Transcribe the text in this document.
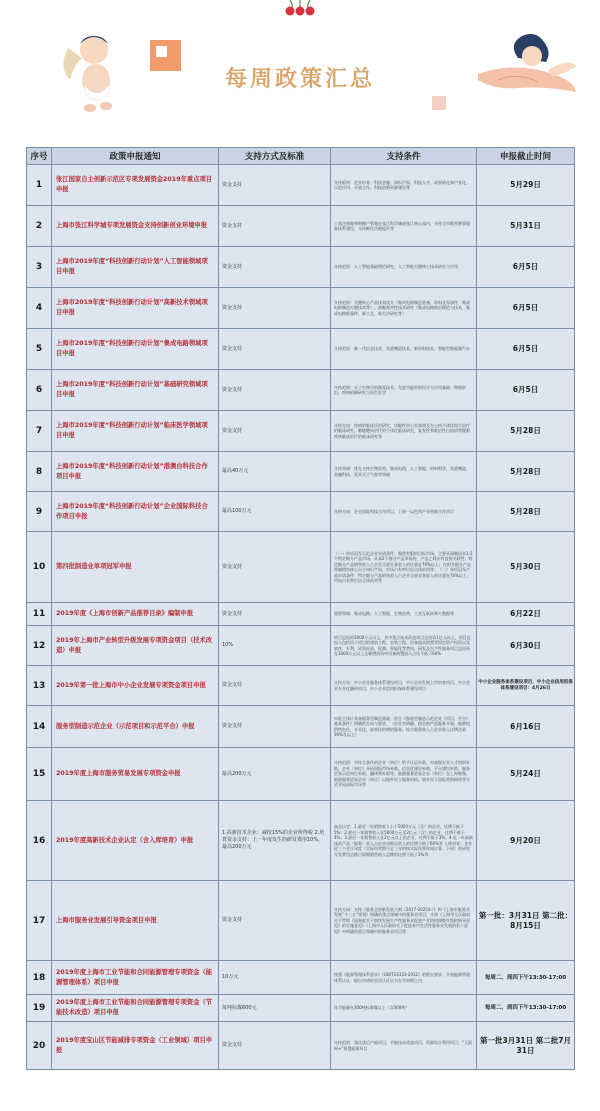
每周政策汇总
序号	政策申报通知	支持方式及标准	支持条件	申报截止时间
1	张江国家自主创新示范区专项发展资金2019年重点项目申报	资金支持	支持板块：企业培育、科技金融、知识产权、科技人才、成果转化和产业化、示范应用、开放合作、科技创新资源建设等	5月29日
2	上海市张江科学城专项发展资金支持创新创业环境申报	资金支持	工商注册地和财税户管地在张江科学城或张江核心园内，支持全市联营赛事服务体系建设，支持孵化功能提升等	5月31日
3	上海市2019年度“科技创新行动计划”人工智能领域项目申报	资金支持	支持范围：人工智能基础理论研究，人工智能关键核心技术研究与应用	6月5日
4	上海市2019年度“科技创新行动计划”高新技术领域项目申报	资金支持	支持范围：关键核心产品技术攻关（集成电路制造装备，材料及零部件，集成电路制造关键技术等），前瞻和共性技术研究（集成电路前沿理论与技术，集成电路新器件，新工艺，新方法研究等）	6月5日
5	上海市2019年度“科技创新行动计划”集成电路领域项目申报	资金支持	支持范围：新一代信息技术，先进制造技术，新材料技术，智能型新能源汽车	6月5日
6	上海市2019年度“科技创新行动计划”基础研究领域项目申报	资金支持	支持范围：分子生物学机制及技术，先进功能材料设计与应用基础、物理前沿、疾病机制研究与再生医学	6月5日
7	上海市2019年度“科技创新行动计划”临床医学领域项目申报	资金支持	支持方向：疾病的临床诊治研究，功能性单心室衰竭及先心病个体化综合治疗的临床研究，肺癌靶向治疗的个体化临床研究，复发性和难治性白血病等疑难疾病临床治疗的临床研究等	5月28日
8	上海市2019年度“科技创新行动计划”港澳台科技合作项目申报	最高40万元	支持领域：优先支持生物医药，集成电路，人工智能，材料科学，先进制造，金融科技，及其关于气象等领域	5月28日
9	上海市2019年度“科技创新行动计划”企业国际科技合作项目申报	最高100万元	支持方向：企业国际科技合作项目，上海一以色列产业创新合作项目	5月28日
10	第四批制造业单项冠军申报	资金支持	（一）单项冠军示范企业申请条件：聚焦有限的目标市场，主要从事制造业1-2个特定细分产品市场，从事2个细分产品市场的，产品之间应有直接关联性；特定细分产品销售收入占企业全部业务收入的比重在70%以上；在相关细分产品领域拥有核心自主知识产权，市场占有率位居全球前列等；（二）单项冠军产品申请条件：特定细分产品销售收入占企业全部业务收入的比重在70%以上，市场占有率位居全球前列等	5月30日
11	2019年度《上海市创新产品推荐目录》编制申报	资金支持	重要领域：集成电路，人工智能，生物医药，工业互联网和大数据等	6月22日
12	2019年上海市产业转型升级发展专项资金项目（技术改造）申报	10%	项目总投资2000万元以上，其中重点技术改造项目总投资1亿元以上，项目总投入包括用于项目的建筑工程、安装工程、设备器具购置等固定资产投资以及软件、专利、试验检验、检测、智能化等费用，研发及生产性服务项目总投资在1000万元以上且新增投资中设备购置投入占比不低于60%	6月30日
13	2019年第一批上海市中小企业发展专项资金项目申报	资金支持	支持方向：中小企业服务体系建设项目，中小企业发展上市培育项目，中小企业专业化融资项目，中小企业信用担保体系建设项目	中小企业服务体系建设项目，中小企业信用担保体系建设项目：4月26日
14	服务型制造示范企业（示范项目和示范平台）申报	资金支持	申报主体应具备服务型制造基础，符合《服务型制造示范企业（项目，平台）基本条件》明确的方向与要求，（企业有明确、稳定的产品服务开展，能够提供特色化、专业化，高效化的增值服务，综合服务收入占企业收入比例达到30%及以上）	6月16日
15	2019年度上海市服务贸易发展专项资金申报	最高200万元	支持范围：对符合条件的企业（单位）给予认证补助，中高级专业人才培训补助，企业（单位）开拓国际市场补助，信息化建设补助，平台建设补助，服务贸易示范单位补助，翻译费补助等，鼓励服务贸易企业（单位）在上海集聚，鼓励服务贸易企业（单位）以境外设立服务机构，境外设立国际营销网络等方式开拓国际市场等	5月24日
16	2019年度高新技术企业认定（含入库培育）申报	1.高新技术企业：减按15%的企业所得税 2.培育资金支持：上一年度发生的研发费用10%，最高200万元	高企认定：1.最近一年销售收入小于5000万元（含）的企业，比例不低于5%；2.最近一年销售收入在5000万元至2亿元（含）的企业，比例不低于4%；3.最近一年销售收入在2亿元以上的企业，比例不低于3%；4.近一年高新技术产品（服务）收入占企业同期总收入的比例不低于60%等 入库培育：企业近三个会计年度（实际经营期不足三年的按实际经营时间计算，下同）的研究开发费用总额占同期销售收入总额的比例不低于3%等	9月20日
17	上海市服务业发展引导资金项目申报	资金支持	支持方向：支持《服务全创新发展大纲（2017-2025年）》和《上海市服务业发展“十三五”规划》明确的重点领域中的服务业项目，支持《上海市人民政府关于贯彻《国务院关于加快发展生产性服务业促进产业结构调整升级的指导意见》的实施意见》《上海市人民政府关于促进本市生活性服务业发展的若干意见》中明确的重点领域中的服务业项目等	第一批：3月31日 第二批：8月15日
18	2019年度上海市工业节能和合同能源管理专项资金（能源管理体系）项目申报	10万元	按照《能源管理体系要求》（GB/T23331-2012）的相关要求，开展能源管理体系认证，提出申请时首次认证证书在有效期之内	每周二、周四下午13:30-17:00
19	2019年度上海市工业节能和合同能源管理专项资金（节能技术改造）项目申报	每吨标煤600元	年节能量在300吨标准煤以上（含300吨）	每周二、周四下午13:30-17:00
20	2019年度宝山区节能减排专项资金（工业领域）项目申报	资金支持	支持范围：淘汰落后产能项目，节能技术改造项目，资源综合利用项目，“互联网+”智慧能源项目	第一批3月31日 第二批7月31日
